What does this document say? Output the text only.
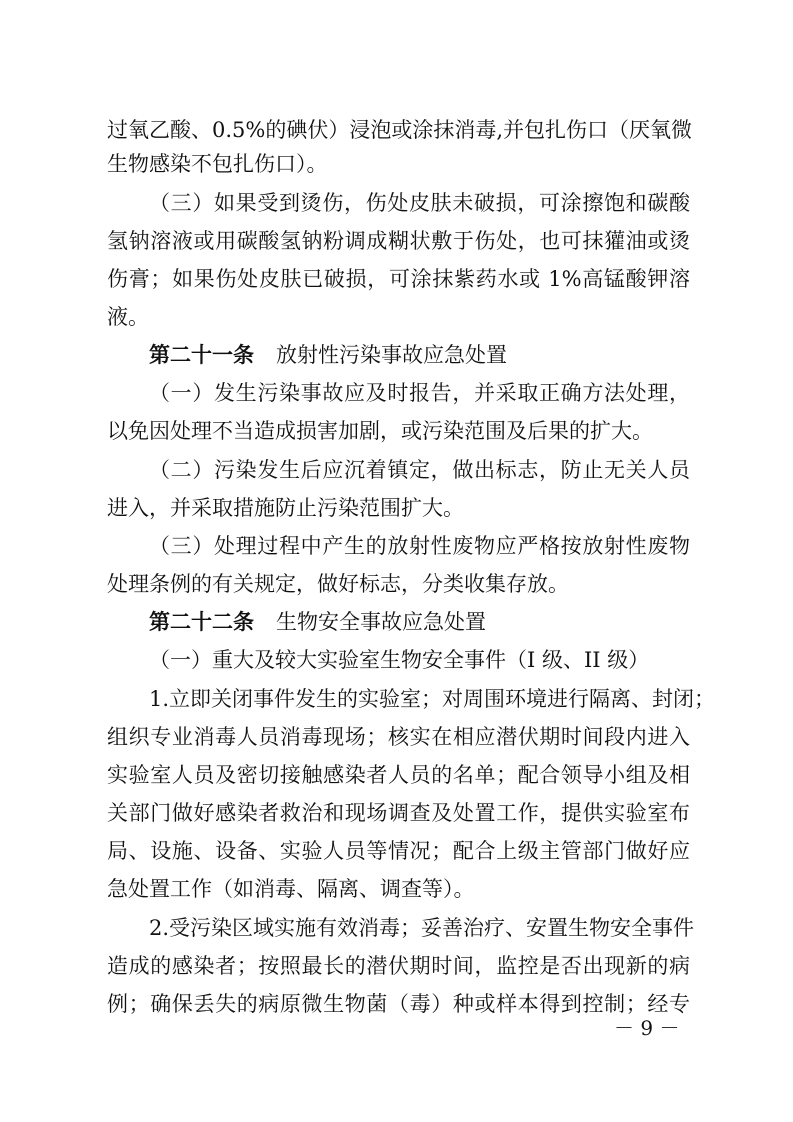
过氧乙酸、0.5%的碘伏）浸泡或涂抹消毒,并包扎伤口（厌氧微
生物感染不包扎伤口）。
（三）如果受到烫伤，伤处皮肤未破损，可涂擦饱和碳酸
氢钠溶液或用碳酸氢钠粉调成糊状敷于伤处，也可抹獾油或烫
伤膏；如果伤处皮肤已破损，可涂抹紫药水或 1%高锰酸钾溶
液。
第二十一条 放射性污染事故应急处置
（一）发生污染事故应及时报告，并采取正确方法处理，
以免因处理不当造成损害加剧，或污染范围及后果的扩大。
（二）污染发生后应沉着镇定，做出标志，防止无关人员
进入，并采取措施防止污染范围扩大。
（三）处理过程中产生的放射性废物应严格按放射性废物
处理条例的有关规定，做好标志，分类收集存放。
第二十二条 生物安全事故应急处置
（一）重大及较大实验室生物安全事件（I 级、II 级）
1.立即关闭事件发生的实验室；对周围环境进行隔离、封闭；
组织专业消毒人员消毒现场；核实在相应潜伏期时间段内进入
实验室人员及密切接触感染者人员的名单；配合领导小组及相
关部门做好感染者救治和现场调查及处置工作，提供实验室布
局、设施、设备、实验人员等情况；配合上级主管部门做好应
急处置工作（如消毒、隔离、调查等）。
2.受污染区域实施有效消毒；妥善治疗、安置生物安全事件
造成的感染者；按照最长的潜伏期时间，监控是否出现新的病
例；确保丢失的病原微生物菌（毒）种或样本得到控制；经专
－ 9 －
